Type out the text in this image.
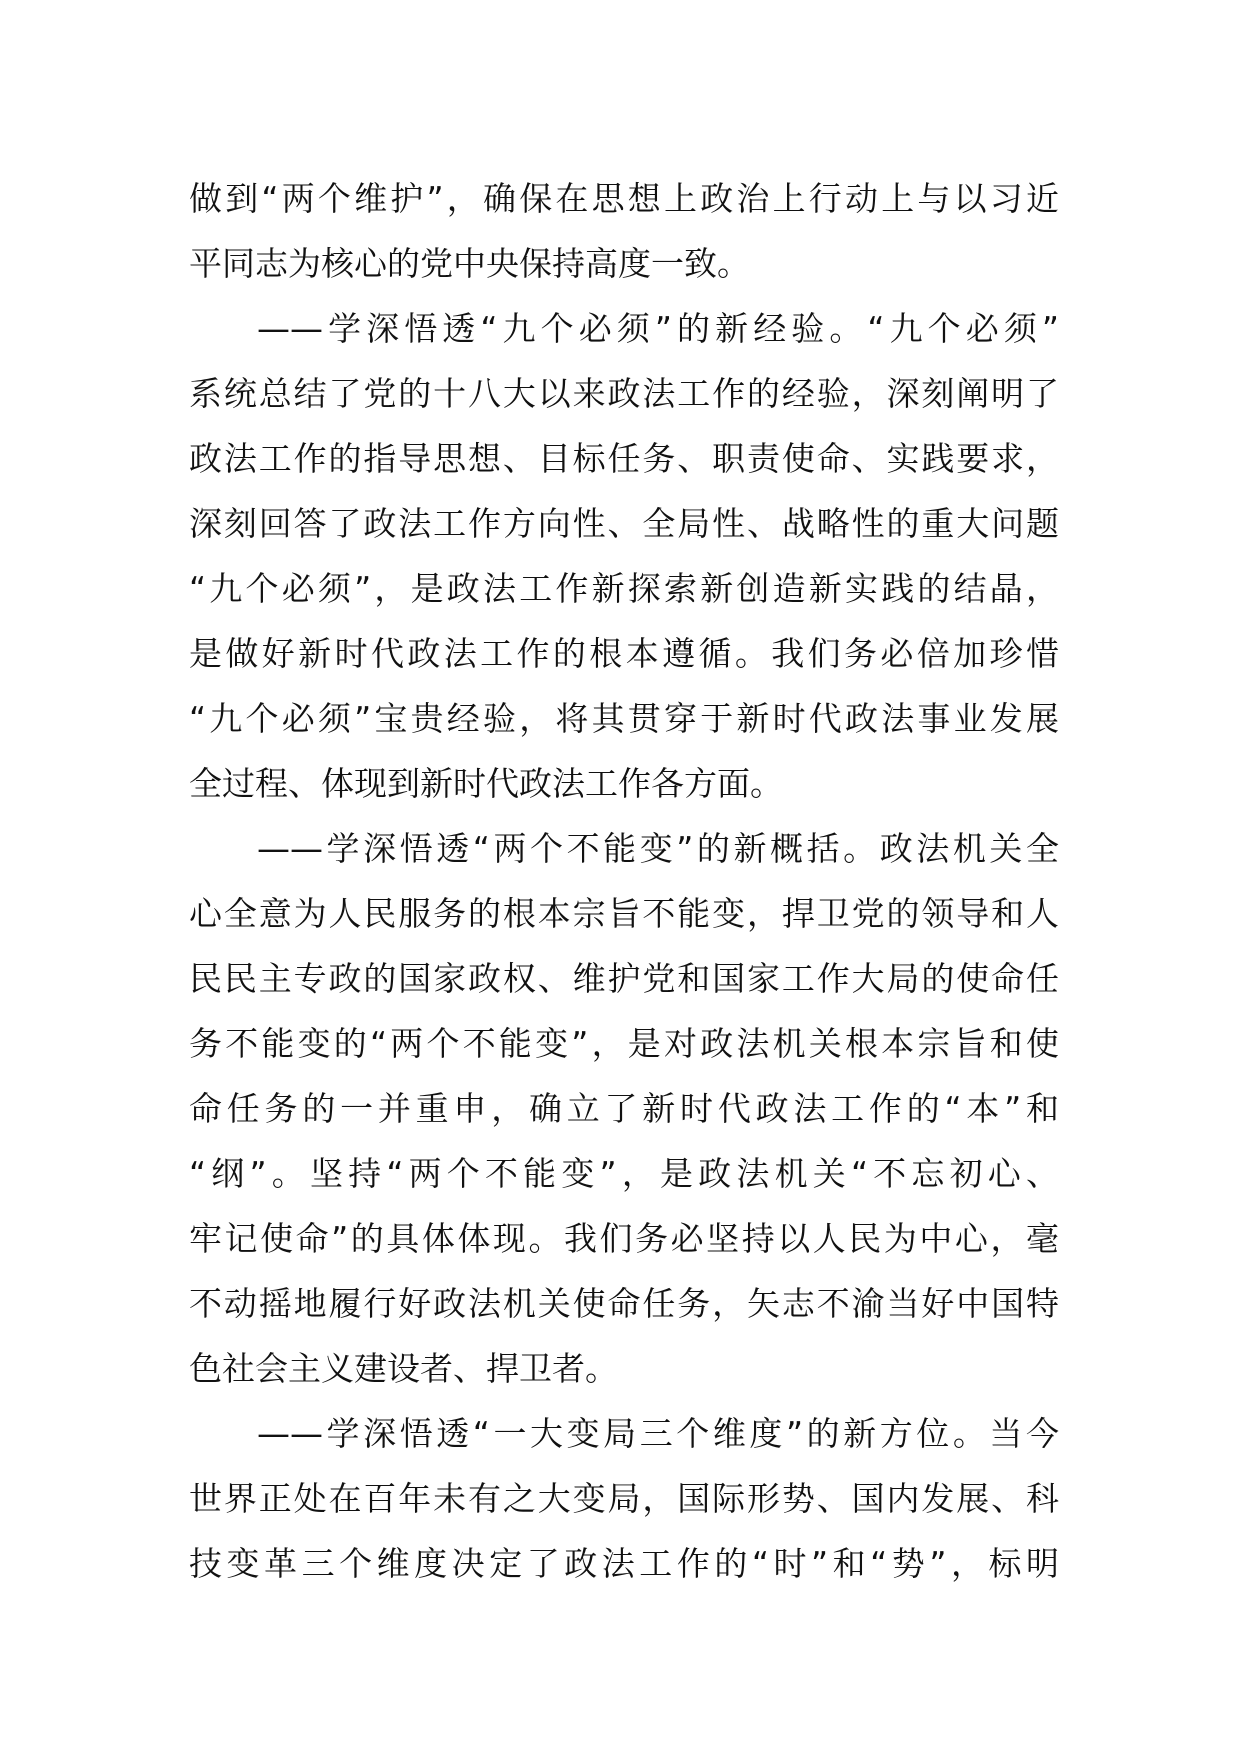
做到“两个维护”，确保在思想上政治上行动上与以习近

平同志为核心的党中央保持高度一致。

——学深悟透“九个必须”的新经验。“九个必须”

系统总结了党的十八大以来政法工作的经验，深刻阐明了

政法工作的指导思想、目标任务、职责使命、实践要求，

深刻回答了政法工作方向性、全局性、战略性的重大问题

“九个必须”，是政法工作新探索新创造新实践的结晶，

是做好新时代政法工作的根本遵循。我们务必倍加珍惜

“九个必须”宝贵经验，将其贯穿于新时代政法事业发展

全过程、体现到新时代政法工作各方面。

——学深悟透“两个不能变”的新概括。政法机关全

心全意为人民服务的根本宗旨不能变，捍卫党的领导和人

民民主专政的国家政权、维护党和国家工作大局的使命任

务不能变的“两个不能变”，是对政法机关根本宗旨和使

命任务的一并重申，确立了新时代政法工作的“本”和

“纲”。坚持“两个不能变”，是政法机关“不忘初心、

牢记使命”的具体体现。我们务必坚持以人民为中心，毫

不动摇地履行好政法机关使命任务，矢志不渝当好中国特

色社会主义建设者、捍卫者。

——学深悟透“一大变局三个维度”的新方位。当今

世界正处在百年未有之大变局，国际形势、国内发展、科

技变革三个维度决定了政法工作的“时”和“势”，标明
